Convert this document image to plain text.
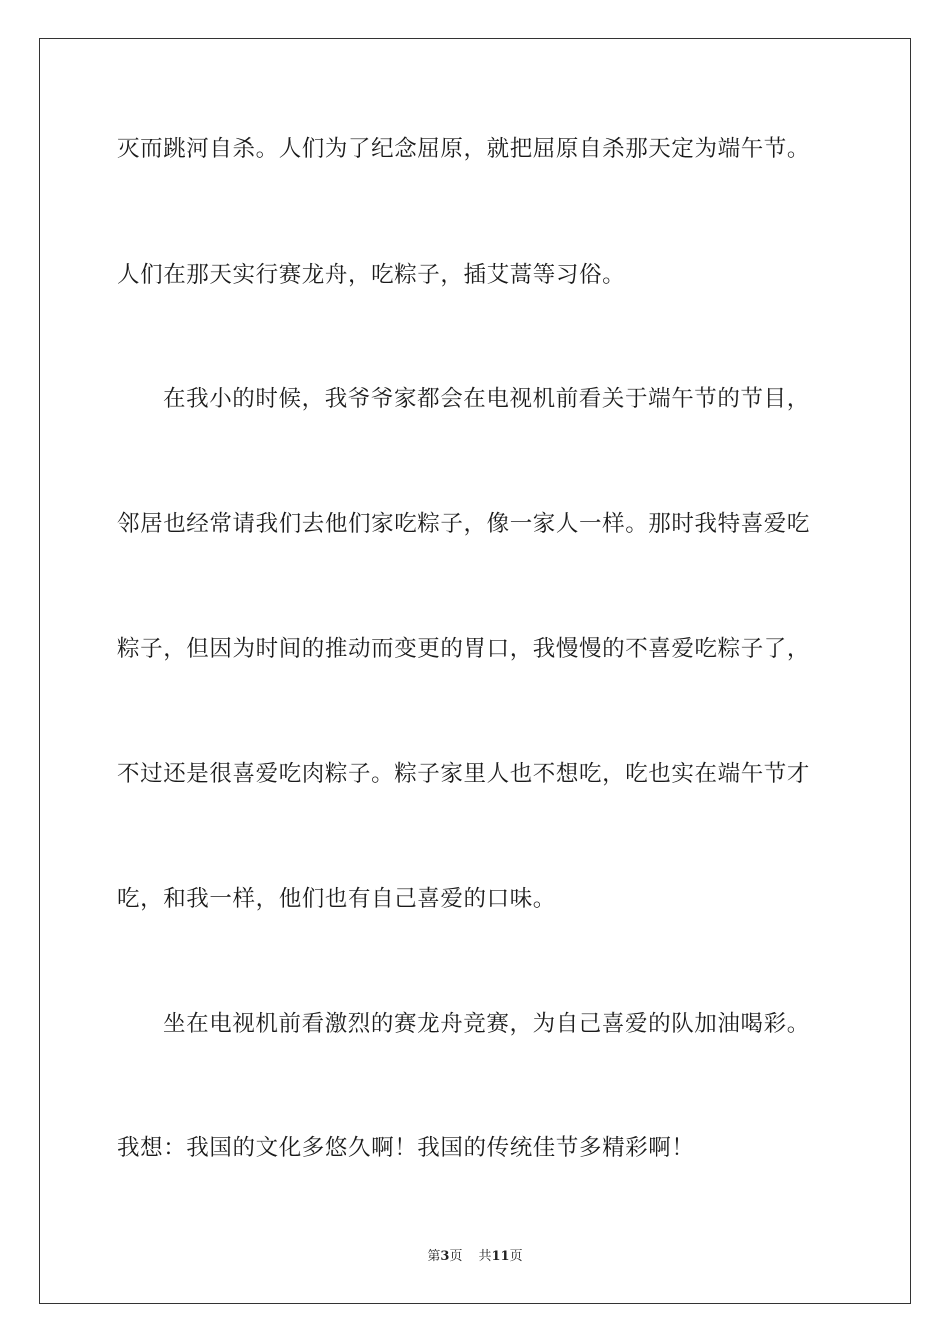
灭而跳河自杀。人们为了纪念屈原，就把屈原自杀那天定为端午节。

人们在那天实行赛龙舟，吃粽子，插艾蒿等习俗。

在我小的时候，我爷爷家都会在电视机前看关于端午节的节目，

邻居也经常请我们去他们家吃粽子，像一家人一样。那时我特喜爱吃

粽子，但因为时间的推动而变更的胃口，我慢慢的不喜爱吃粽子了，

不过还是很喜爱吃肉粽子。粽子家里人也不想吃，吃也实在端午节才

吃，和我一样，他们也有自己喜爱的口味。

坐在电视机前看激烈的赛龙舟竞赛，为自己喜爱的队加油喝彩。

我想：我国的文化多悠久啊！我国的传统佳节多精彩啊！

第3页 共11页
